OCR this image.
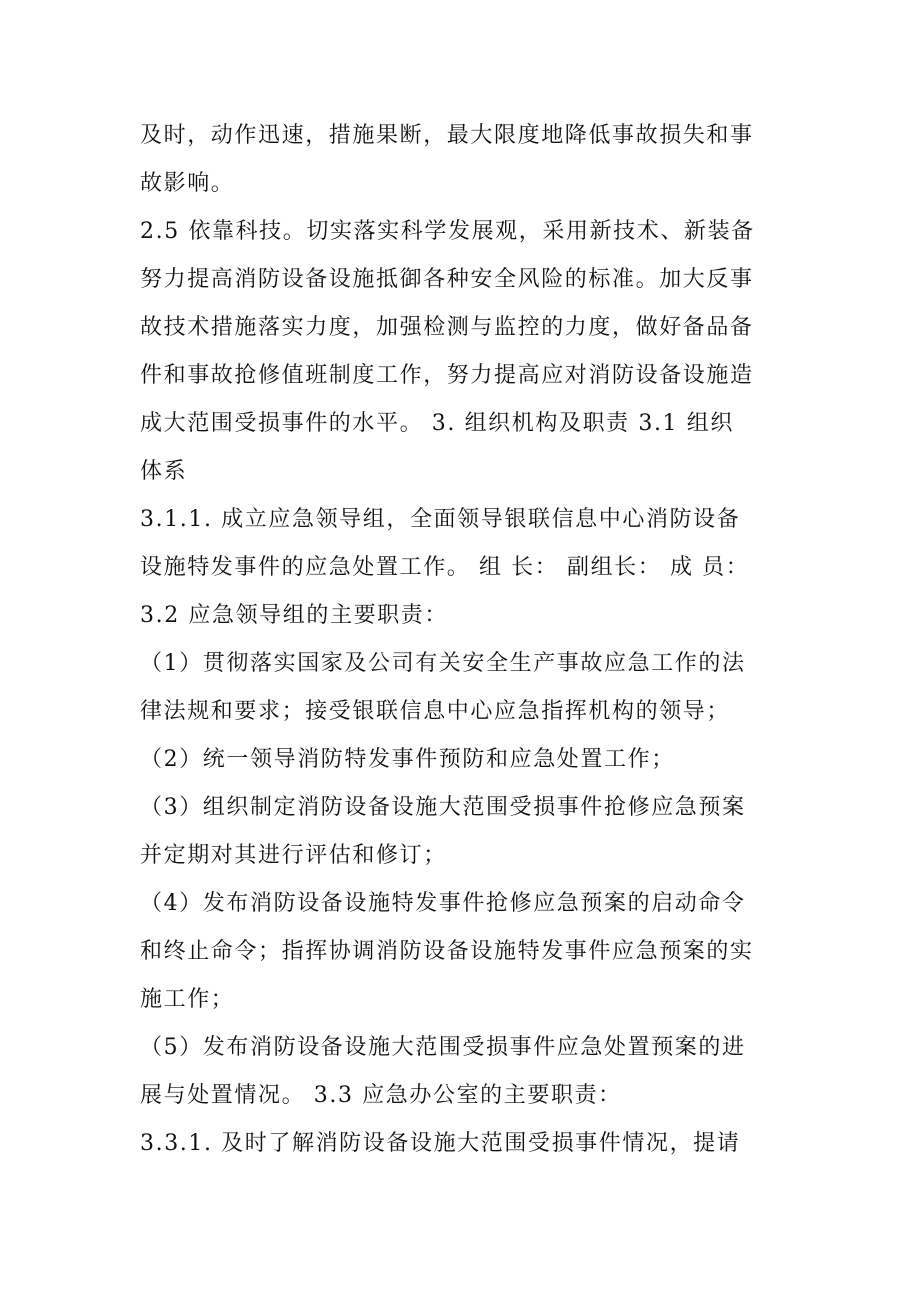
及时，动作迅速，措施果断，最大限度地降低事故损失和事
故影响。
2.5 依靠科技。切实落实科学发展观，采用新技术、新装备
努力提高消防设备设施抵御各种安全风险的标准。加大反事
故技术措施落实力度，加强检测与监控的力度，做好备品备
件和事故抢修值班制度工作，努力提高应对消防设备设施造
成大范围受损事件的水平。 3. 组织机构及职责 3.1 组织
体系
3.1.1. 成立应急领导组，全面领导银联信息中心消防设备
设施特发事件的应急处置工作。 组 长： 副组长： 成 员：
3.2 应急领导组的主要职责：
（1）贯彻落实国家及公司有关安全生产事故应急工作的法
律法规和要求；接受银联信息中心应急指挥机构的领导；
（2）统一领导消防特发事件预防和应急处置工作；
（3）组织制定消防设备设施大范围受损事件抢修应急预案
并定期对其进行评估和修订；
（4）发布消防设备设施特发事件抢修应急预案的启动命令
和终止命令；指挥协调消防设备设施特发事件应急预案的实
施工作；
（5）发布消防设备设施大范围受损事件应急处置预案的进
展与处置情况。 3.3 应急办公室的主要职责：
3.3.1. 及时了解消防设备设施大范围受损事件情况，提请
